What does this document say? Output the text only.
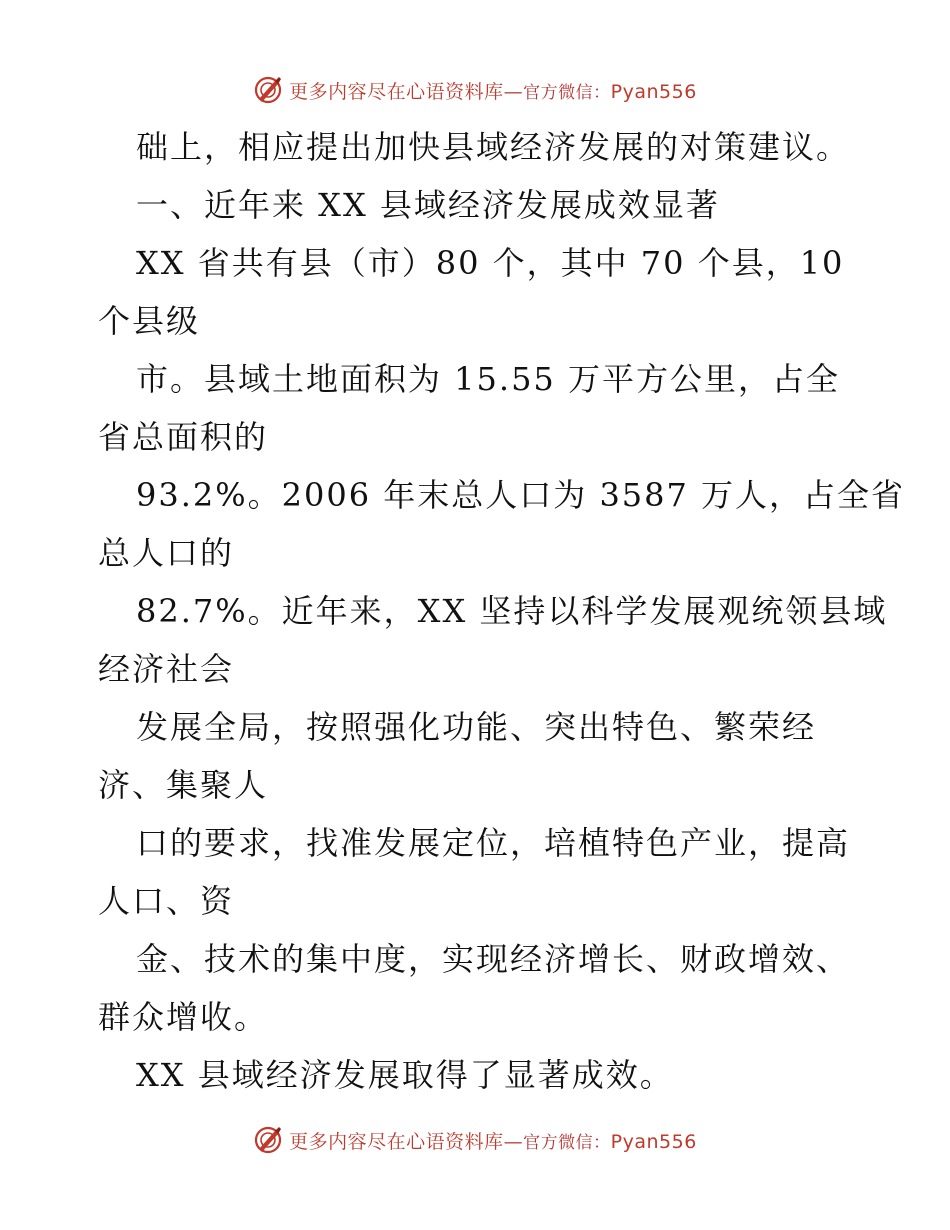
更多内容尽在心语资料库—官方微信：Pyan556
础上，相应提出加快县域经济发展的对策建议。
一、近年来 XX 县域经济发展成效显著
XX 省共有县（市）80 个，其中 70 个县，10
个县级
市。县域土地面积为 15.55 万平方公里，占全
省总面积的
93.2%。2006 年末总人口为 3587 万人，占全省
总人口的
82.7%。近年来，XX 坚持以科学发展观统领县域
经济社会
发展全局，按照强化功能、突出特色、繁荣经
济、集聚人
口的要求，找准发展定位，培植特色产业，提高
人口、资
金、技术的集中度，实现经济增长、财政增效、
群众增收。
XX 县域经济发展取得了显著成效。
更多内容尽在心语资料库—官方微信：Pyan556
